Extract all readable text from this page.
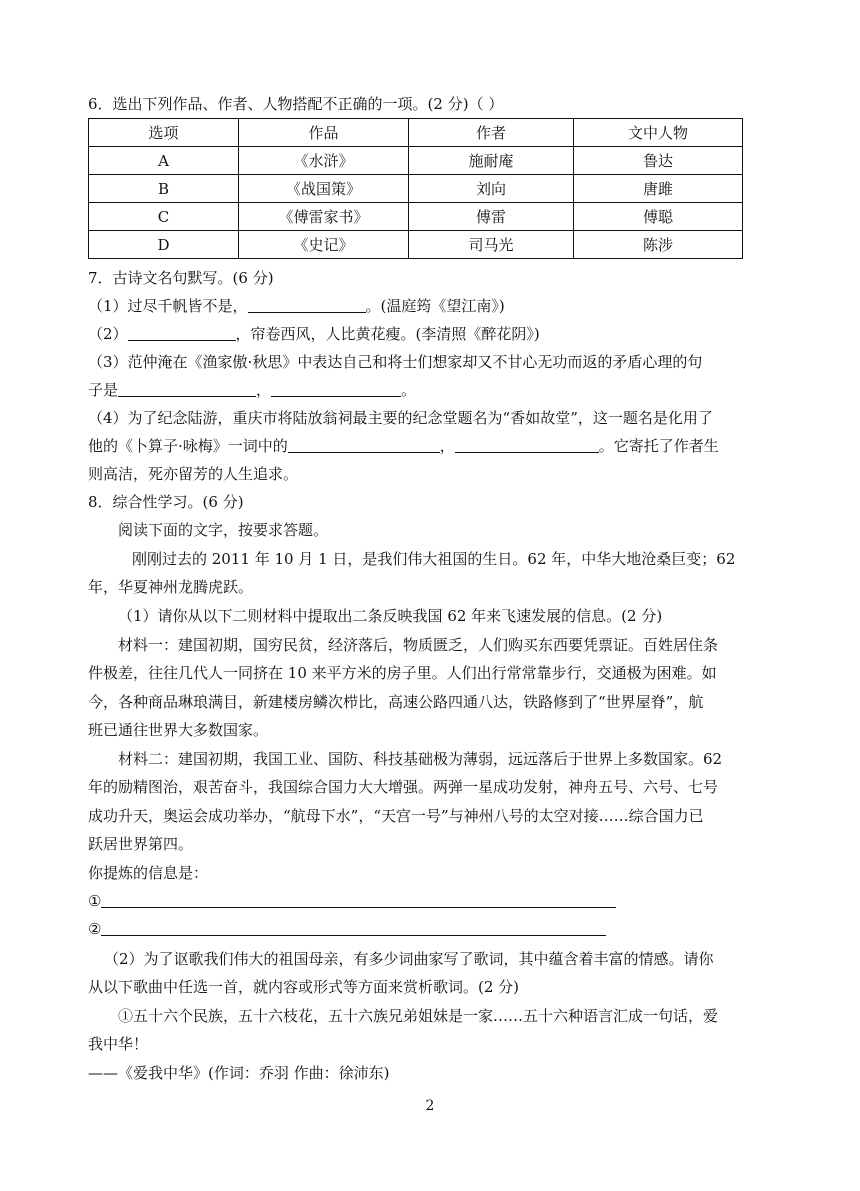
6．选出下列作品、作者、人物搭配不正确的一项。(2 分)（ ）
选项	作品	作者	文中人物
A	《水浒》	施耐庵	鲁达
B	《战国策》	刘向	唐雎
C	《傅雷家书》	傅雷	傅聪
D	《史记》	司马光	陈涉
7．古诗文名句默写。(6 分)
（1）过尽千帆皆不是，	。(温庭筠《望江南》)
（2）	，帘卷西风，人比黄花瘦。(李清照《醉花阴》)
（3）范仲淹在《渔家傲·秋思》中表达自己和将士们想家却又不甘心无功而返的矛盾心理的句
子是	，	。
（4）为了纪念陆游，重庆市将陆放翁祠最主要的纪念堂题名为“香如故堂”，这一题名是化用了
他的《卜算子·咏梅》一词中的	，	。它寄托了作者生
则高洁，死亦留芳的人生追求。
8．综合性学习。(6 分)
阅读下面的文字，按要求答题。
刚刚过去的 2011 年 10 月 1 日，是我们伟大祖国的生日。62 年，中华大地沧桑巨变；62
年，华夏神州龙腾虎跃。
（1）请你从以下二则材料中提取出二条反映我国 62 年来飞速发展的信息。(2 分)
材料一：建国初期，国穷民贫，经济落后，物质匮乏，人们购买东西要凭票证。百姓居住条
件极差，往往几代人一同挤在 10 来平方米的房子里。人们出行常常靠步行，交通极为困难。如
今，各种商品琳琅满目，新建楼房鳞次栉比，高速公路四通八达，铁路修到了“世界屋脊”，航
班已通往世界大多数国家。
材料二：建国初期，我国工业、国防、科技基础极为薄弱，远远落后于世界上多数国家。62
年的励精图治，艰苦奋斗，我国综合国力大大增强。两弹一星成功发射，神舟五号、六号、七号
成功升天，奥运会成功举办，“航母下水”，“天宫一号”与神州八号的太空对接……综合国力已
跃居世界第四。
你提炼的信息是：
①
②
（2）为了讴歌我们伟大的祖国母亲，有多少词曲家写了歌词，其中蕴含着丰富的情感。请你
从以下歌曲中任选一首，就内容或形式等方面来赏析歌词。(2 分)
①五十六个民族，五十六枝花，五十六族兄弟姐妹是一家……五十六种语言汇成一句话，爱
我中华！
——《爱我中华》(作词：乔羽 作曲：徐沛东)
2
